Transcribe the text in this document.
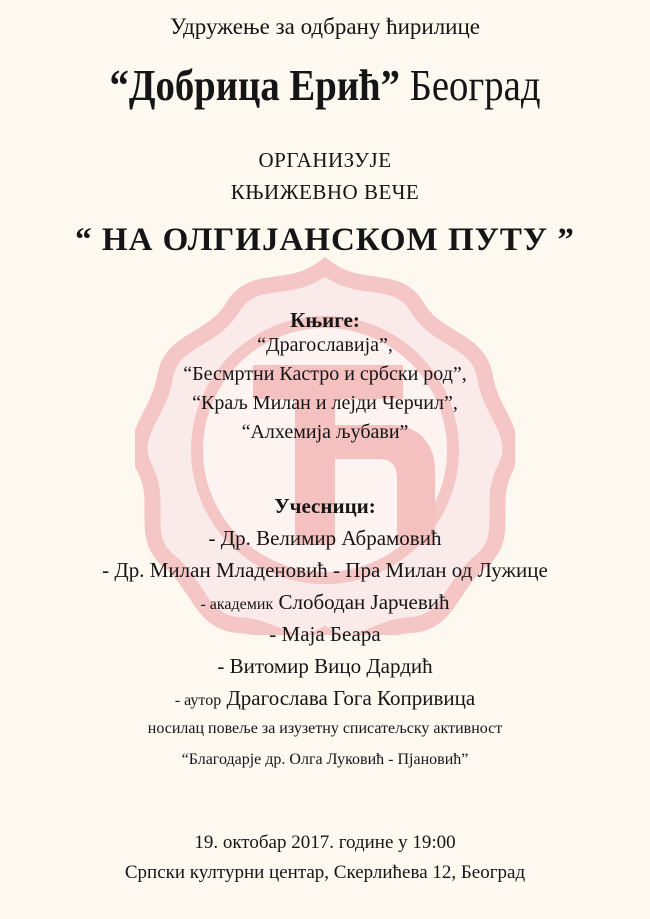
Удружење за одбрану ћирилице
“Добрица Ерић” Београд
ОРГАНИЗУЈЕ
КЊИЖЕВНО ВЕЧЕ
“ НА ОЛГИЈАНСКОМ ПУТУ ”
Књиге:
“Драгославија”,
“Бесмртни Кастро и србски род”,
“Краљ Милан и леjди Черчил”,
“Алхемија љубави”
Учесници:
- Др. Велимир Абрамовић
- Др. Милан Младеновић - Пра Милан од Лужице
- академик Слободан Јарчевић
- Маја Беара
- Витомир Вицо Дардић
- аутор Драгослава Гога Копривица
носилац повеље за изузетну списатељску активност
“Благодарје др. Олга Луковић - Пјановић”
19. октобар 2017. године у 19:00
Српски културни центар, Скерлићева 12, Београд
